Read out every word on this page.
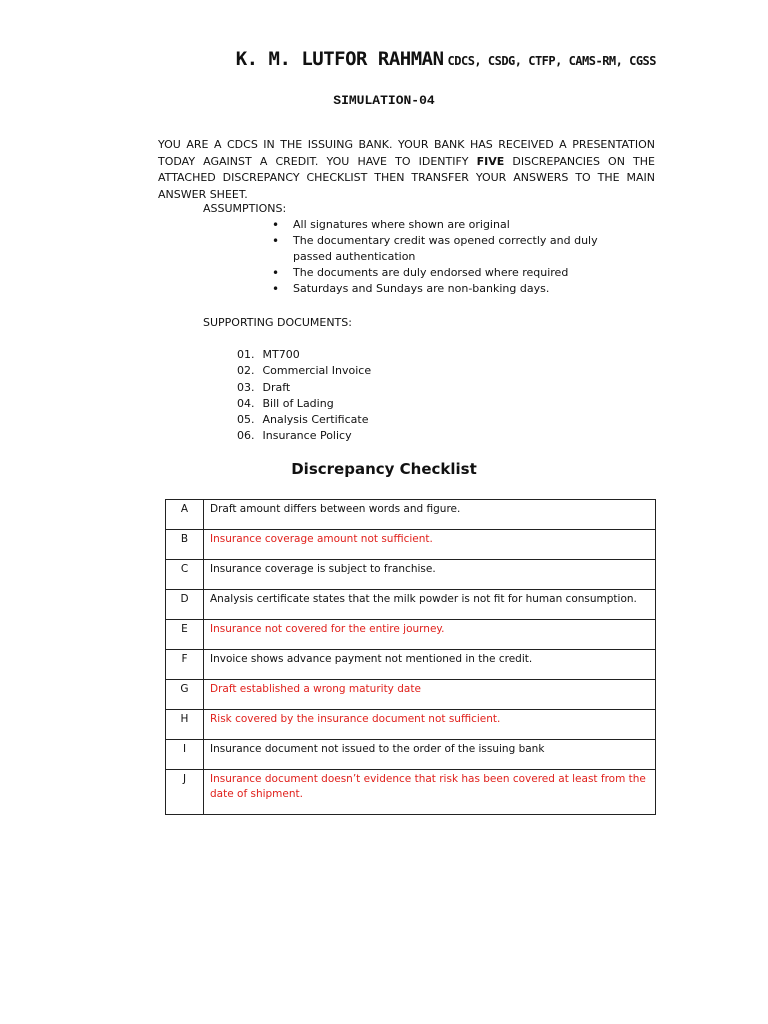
K. M. LUTFOR RAHMAN CDCS, CSDG, CTFP, CAMS-RM, CGSS
SIMULATION-04
YOU ARE A CDCS IN THE ISSUING BANK. YOUR BANK HAS RECEIVED A PRESENTATION TODAY AGAINST A CREDIT. YOU HAVE TO IDENTIFY FIVE DISCREPANCIES ON THE ATTACHED DISCREPANCY CHECKLIST THEN TRANSFER YOUR ANSWERS TO THE MAIN ANSWER SHEET.
ASSUMPTIONS:
• All signatures where shown are original
• The documentary credit was opened correctly and duly passed authentication
• The documents are duly endorsed where required
• Saturdays and Sundays are non-banking days.
SUPPORTING DOCUMENTS:
01. MT700
02. Commercial Invoice
03. Draft
04. Bill of Lading
05. Analysis Certificate
06. Insurance Policy
Discrepancy Checklist
A	Draft amount differs between words and figure.
B	Insurance coverage amount not sufficient.
C	Insurance coverage is subject to franchise.
D	Analysis certificate states that the milk powder is not fit for human consumption.
E	Insurance not covered for the entire journey.
F	Invoice shows advance payment not mentioned in the credit.
G	Draft established a wrong maturity date
H	Risk covered by the insurance document not sufficient.
I	Insurance document not issued to the order of the issuing bank
J	Insurance document doesn’t evidence that risk has been covered at least from the date of shipment.
